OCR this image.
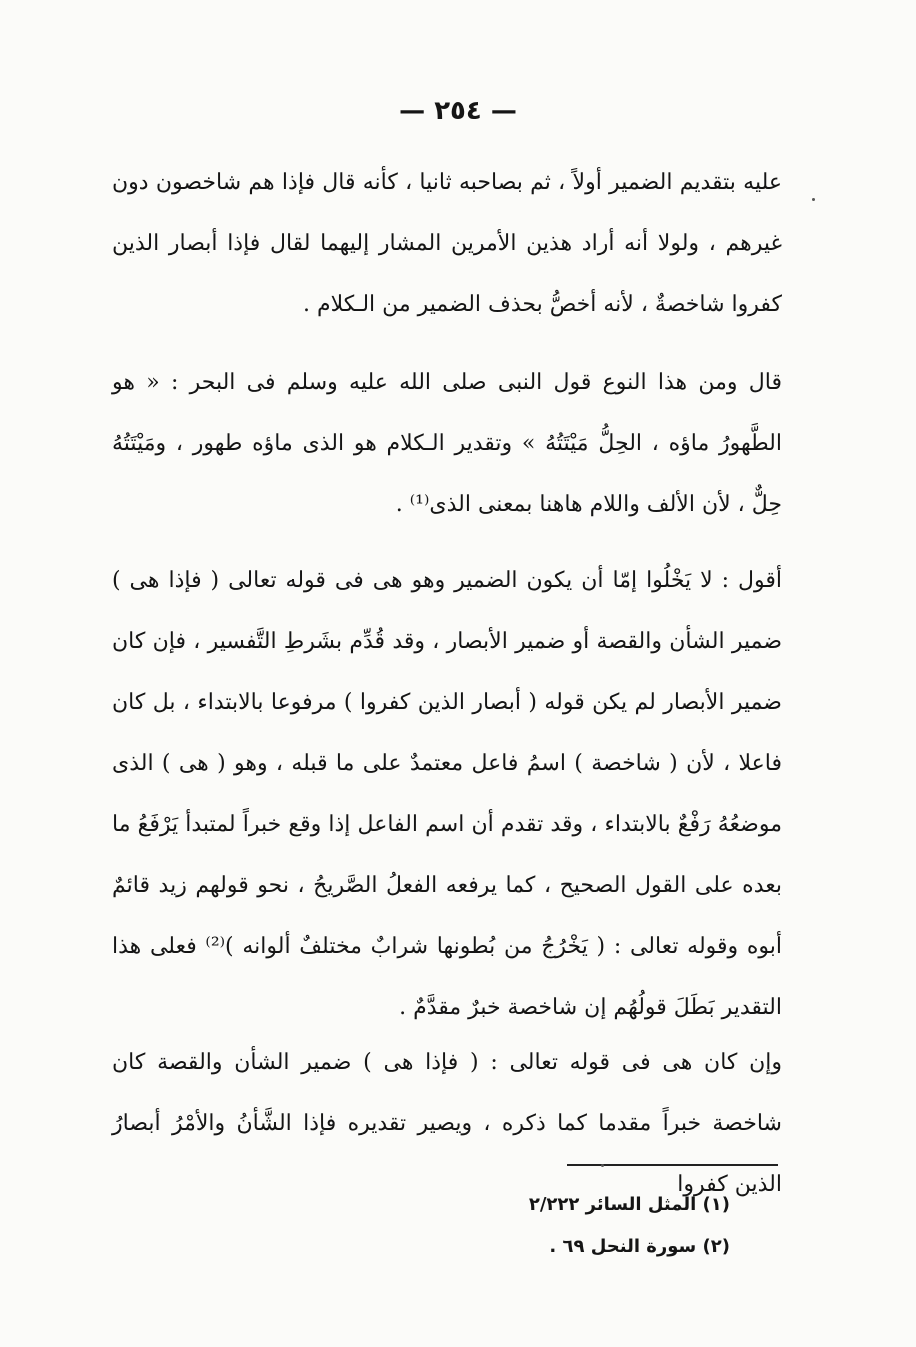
— ٢٥٤ —
عليه بتقديم الضمير أولاً ، ثم بصاحبه ثانيا ، كأنه قال فإذا هم شاخصون دون غيرهم ، ولولا أنه أراد هذين الأمرين المشار إليهما لقال فإذا أبصار الذين كفروا شاخصةٌ ، لأنه أخصُّ بحذف الضمير من الـكلام .
قال ومن هذا النوع قول النبى صلى الله عليه وسلم فى البحر : « هو الطَّهورُ ماؤه ، الحِلُّ مَيْتَتُهُ » وتقدير الـكلام هو الذى ماؤه طهور ، ومَيْتَتُهُ حِلٌّ ، لأن الألف واللام هاهنا بمعنى الذى⁽¹⁾ .
أقول : لا يَخْلُوا إمّا أن يكون الضمير وهو هى فى قوله تعالى ( فإذا هى ) ضمير الشأن والقصة أو ضمير الأبصار ، وقد قُدِّم بشَرطِ التَّفسير ، فإن كان ضمير الأبصار لم يكن قوله ( أبصار الذين كفروا ) مرفوعا بالابتداء ، بل كان فاعلا ، لأن ( شاخصة ) اسمُ فاعل معتمدٌ على ما قبله ، وهو ( هى ) الذى موضعُهُ رَفْعٌ بالابتداء ، وقد تقدم أن اسم الفاعل إذا وقع خبراً لمتبدأ يَرْفَعُ ما بعده على القول الصحيح ، كما يرفعه الفعلُ الصَّريحُ ، نحو قولهم زيد قائمٌ أبوه وقوله تعالى : ( يَخْرُجُ من بُطونها شرابٌ مختلفٌ ألوانه )⁽²⁾ فعلى هذا التقدير بَطَلَ قولُهُم إن شاخصة خبرٌ مقدَّمٌ .
وإن كان هى فى قوله تعالى : ( فإذا هى ) ضمير الشأن والقصة كان شاخصة خبراً مقدما كما ذكره ، ويصير تقديره فإذا الشَّأنُ والأمْرُ أبصارُ الذين كفروا
(١) المثل السائر ٢/٢٢٢
(٢) سورة النحل ٦٩ .
